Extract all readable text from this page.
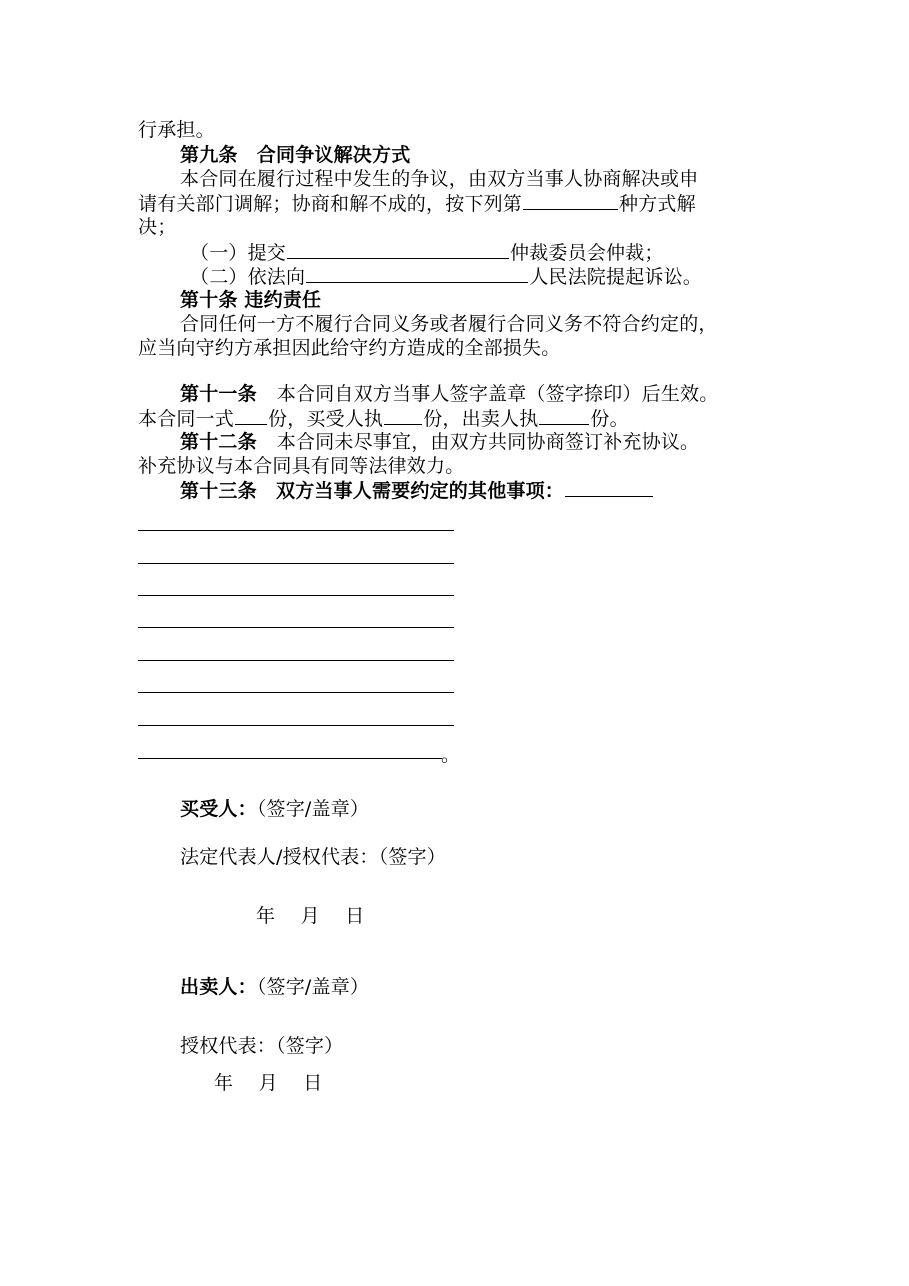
行承担。
第九条　合同争议解决方式
本合同在履行过程中发生的争议，由双方当事人协商解决或申
请有关部门调解；协商和解不成的，按下列第	种方式解
决；
（一）提交	仲裁委员会仲裁；
（二）依法向	人民法院提起诉讼。
第十条 违约责任
合同任何一方不履行合同义务或者履行合同义务不符合约定的，
应当向守约方承担因此给守约方造成的全部损失。
第十一条 本合同自双方当事人签字盖章（签字捺印）后生效。
本合同一式 份，买受人执 份，出卖人执	份。
第十二条 本合同未尽事宜，由双方共同协商签订补充协议。
补充协议与本合同具有同等法律效力。
第十三条　双方当事人需要约定的其他事项：
。
买受人：（签字/盖章）
法定代表人/授权代表：（签字）
年　 月　 日
出卖人：（签字/盖章）
授权代表：（签字）
年　 月　 日
